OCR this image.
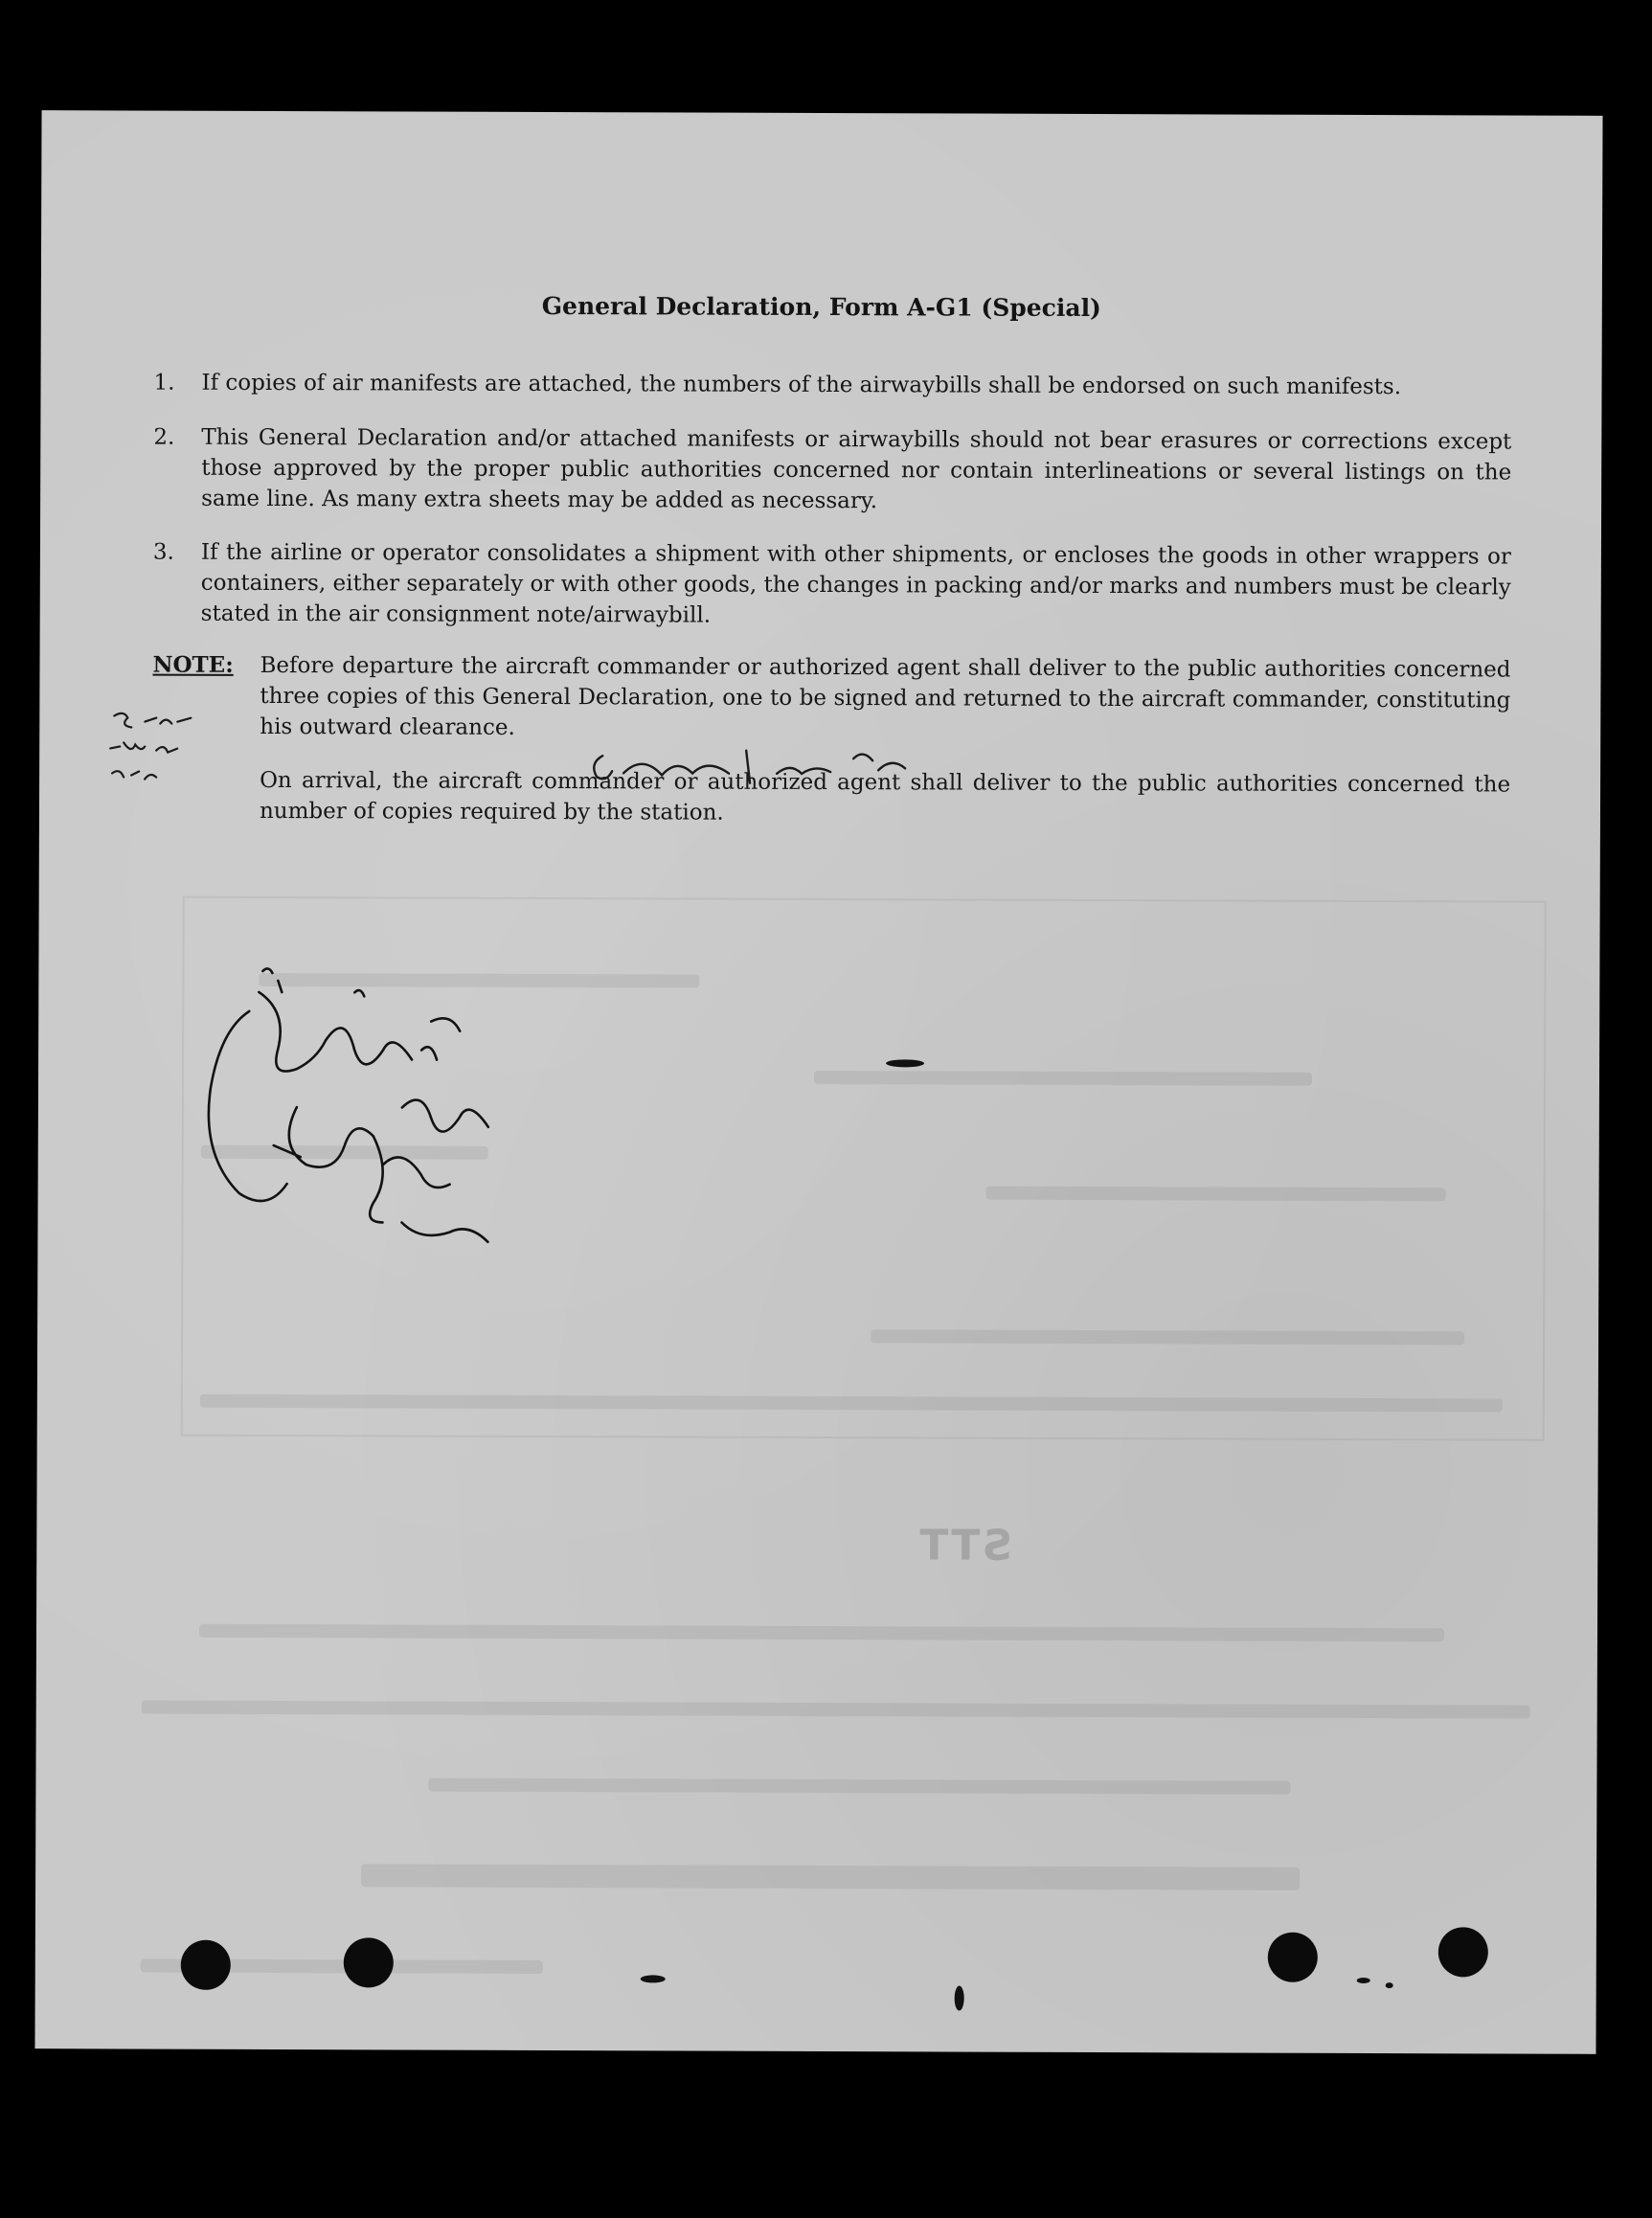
STT
General Declaration, Form A-G1 (Special)
1.	If copies of air manifests are attached, the numbers of the airwaybills shall be endorsed on such manifests.
2.	This General Declaration and/or attached manifests or airwaybills should not bear erasures or corrections except those approved by the proper public authorities concerned nor contain interlineations or several listings on the same line. As many extra sheets may be added as necessary.
3.	If the airline or operator consolidates a shipment with other shipments, or encloses the goods in other wrappers or containers, either separately or with other goods, the changes in packing and/or marks and numbers must be clearly stated in the air consignment note/airwaybill.
NOTE:	Before departure the aircraft commander or authorized agent shall deliver to the public authorities concerned three copies of this General Declaration, one to be signed and returned to the aircraft commander, constituting his outward clearance.
On arrival, the aircraft commander or authorized agent shall deliver to the public authorities concerned the number of copies required by the station.
